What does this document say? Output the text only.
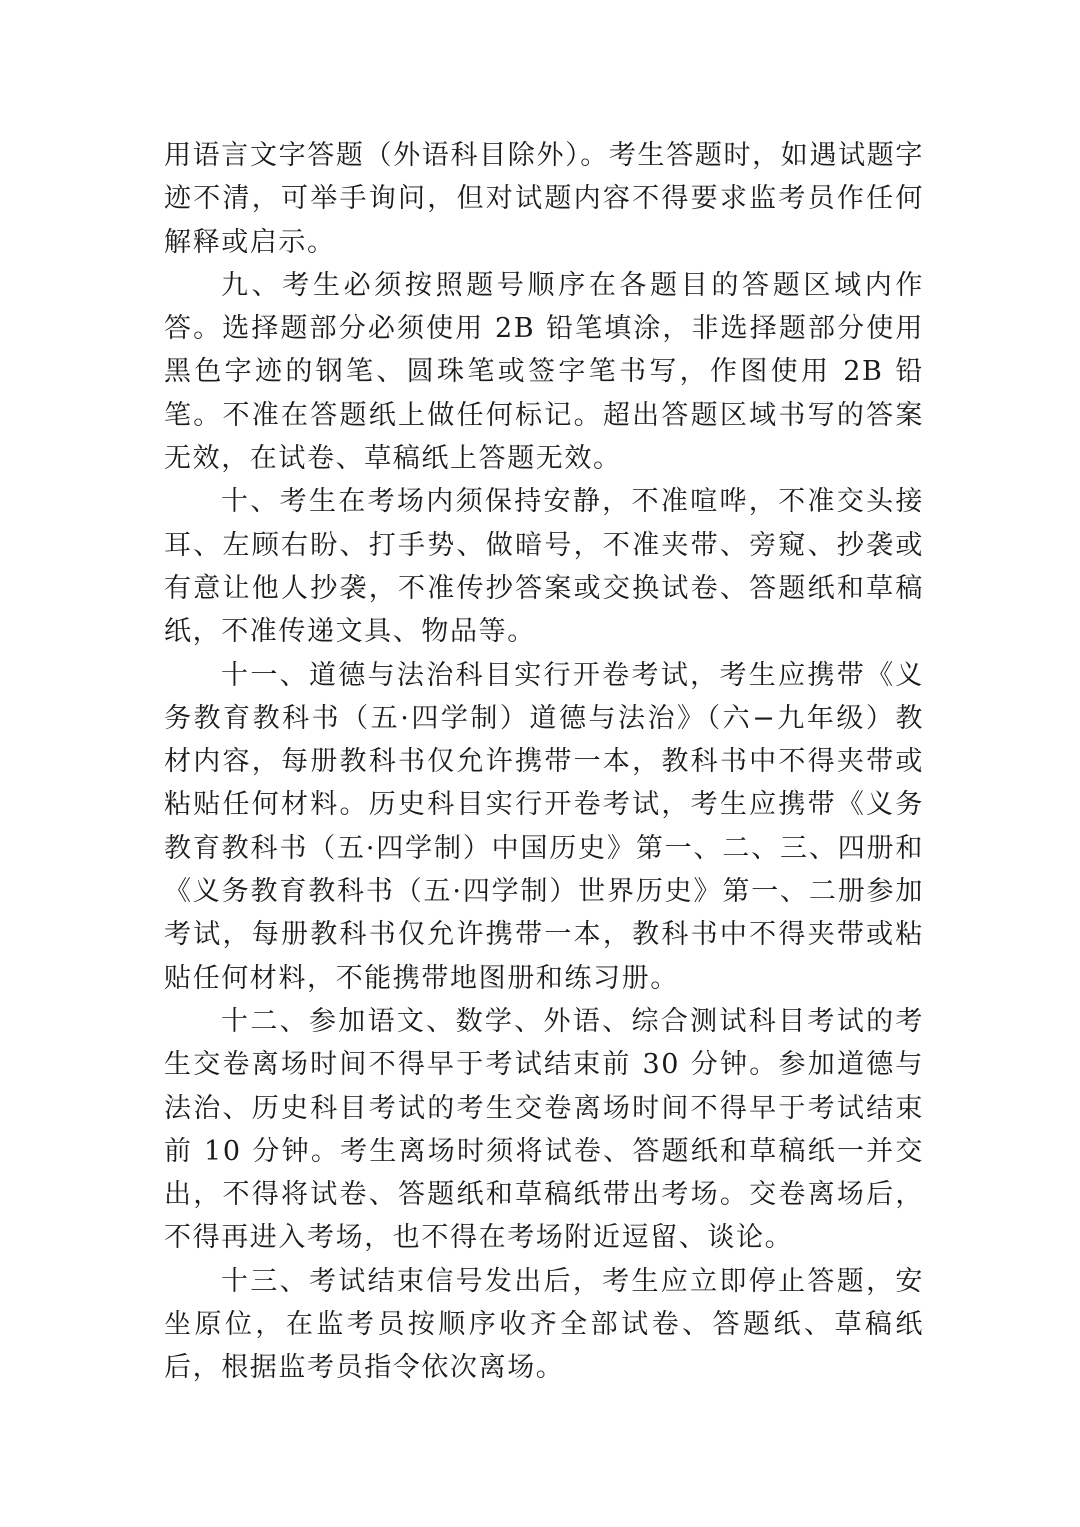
用语言文字答题（外语科目除外）。考生答题时，如遇试题字迹不清，可举手询问，但对试题内容不得要求监考员作任何解释或启示。

九、考生必须按照题号顺序在各题目的答题区域内作答。选择题部分必须使用 2B 铅笔填涂，非选择题部分使用黑色字迹的钢笔、圆珠笔或签字笔书写，作图使用 2B 铅笔。不准在答题纸上做任何标记。超出答题区域书写的答案无效，在试卷、草稿纸上答题无效。

十、考生在考场内须保持安静，不准喧哗，不准交头接耳、左顾右盼、打手势、做暗号，不准夹带、旁窥、抄袭或有意让他人抄袭，不准传抄答案或交换试卷、答题纸和草稿纸，不准传递文具、物品等。

十一、道德与法治科目实行开卷考试，考生应携带《义务教育教科书（五·四学制）道德与法治》（六−九年级）教材内容，每册教科书仅允许携带一本，教科书中不得夹带或粘贴任何材料。历史科目实行开卷考试，考生应携带《义务教育教科书（五·四学制）中国历史》第一、二、三、四册和《义务教育教科书（五·四学制）世界历史》第一、二册参加考试，每册教科书仅允许携带一本，教科书中不得夹带或粘贴任何材料，不能携带地图册和练习册。

十二、参加语文、数学、外语、综合测试科目考试的考生交卷离场时间不得早于考试结束前 30 分钟。参加道德与法治、历史科目考试的考生交卷离场时间不得早于考试结束前 10 分钟。考生离场时须将试卷、答题纸和草稿纸一并交出，不得将试卷、答题纸和草稿纸带出考场。交卷离场后，不得再进入考场，也不得在考场附近逗留、谈论。

十三、考试结束信号发出后，考生应立即停止答题，安坐原位，在监考员按顺序收齐全部试卷、答题纸、草稿纸后，根据监考员指令依次离场。
